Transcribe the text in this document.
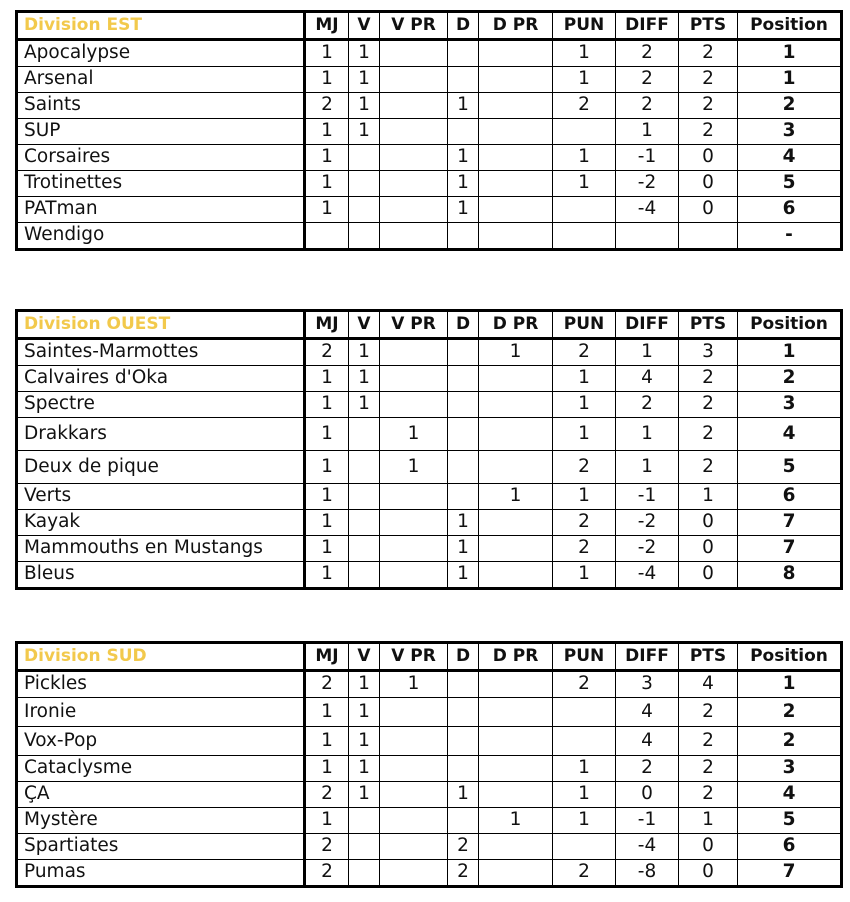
Division EST	MJ	V	V PR	D	D PR	PUN	DIFF	PTS	Position
Apocalypse	1	1				1	2	2	1
Arsenal	1	1				1	2	2	1
Saints	2	1		1		2	2	2	2
SUP	1	1					1	2	3
Corsaires	1			1		1	-1	0	4
Trotinettes	1			1		1	-2	0	5
PATman	1			1			-4	0	6
Wendigo									-
Division OUEST	MJ	V	V PR	D	D PR	PUN	DIFF	PTS	Position
Saintes-Marmottes	2	1			1	2	1	3	1
Calvaires d'Oka	1	1				1	4	2	2
Spectre	1	1				1	2	2	3
Drakkars	1		1			1	1	2	4
Deux de pique	1		1			2	1	2	5
Verts	1				1	1	-1	1	6
Kayak	1			1		2	-2	0	7
Mammouths en Mustangs	1			1		2	-2	0	7
Bleus	1			1		1	-4	0	8
Division SUD	MJ	V	V PR	D	D PR	PUN	DIFF	PTS	Position
Pickles	2	1	1			2	3	4	1
Ironie	1	1					4	2	2
Vox-Pop	1	1					4	2	2
Cataclysme	1	1				1	2	2	3
ÇA	2	1		1		1	0	2	4
Mystère	1				1	1	-1	1	5
Spartiates	2			2			-4	0	6
Pumas	2			2		2	-8	0	7
